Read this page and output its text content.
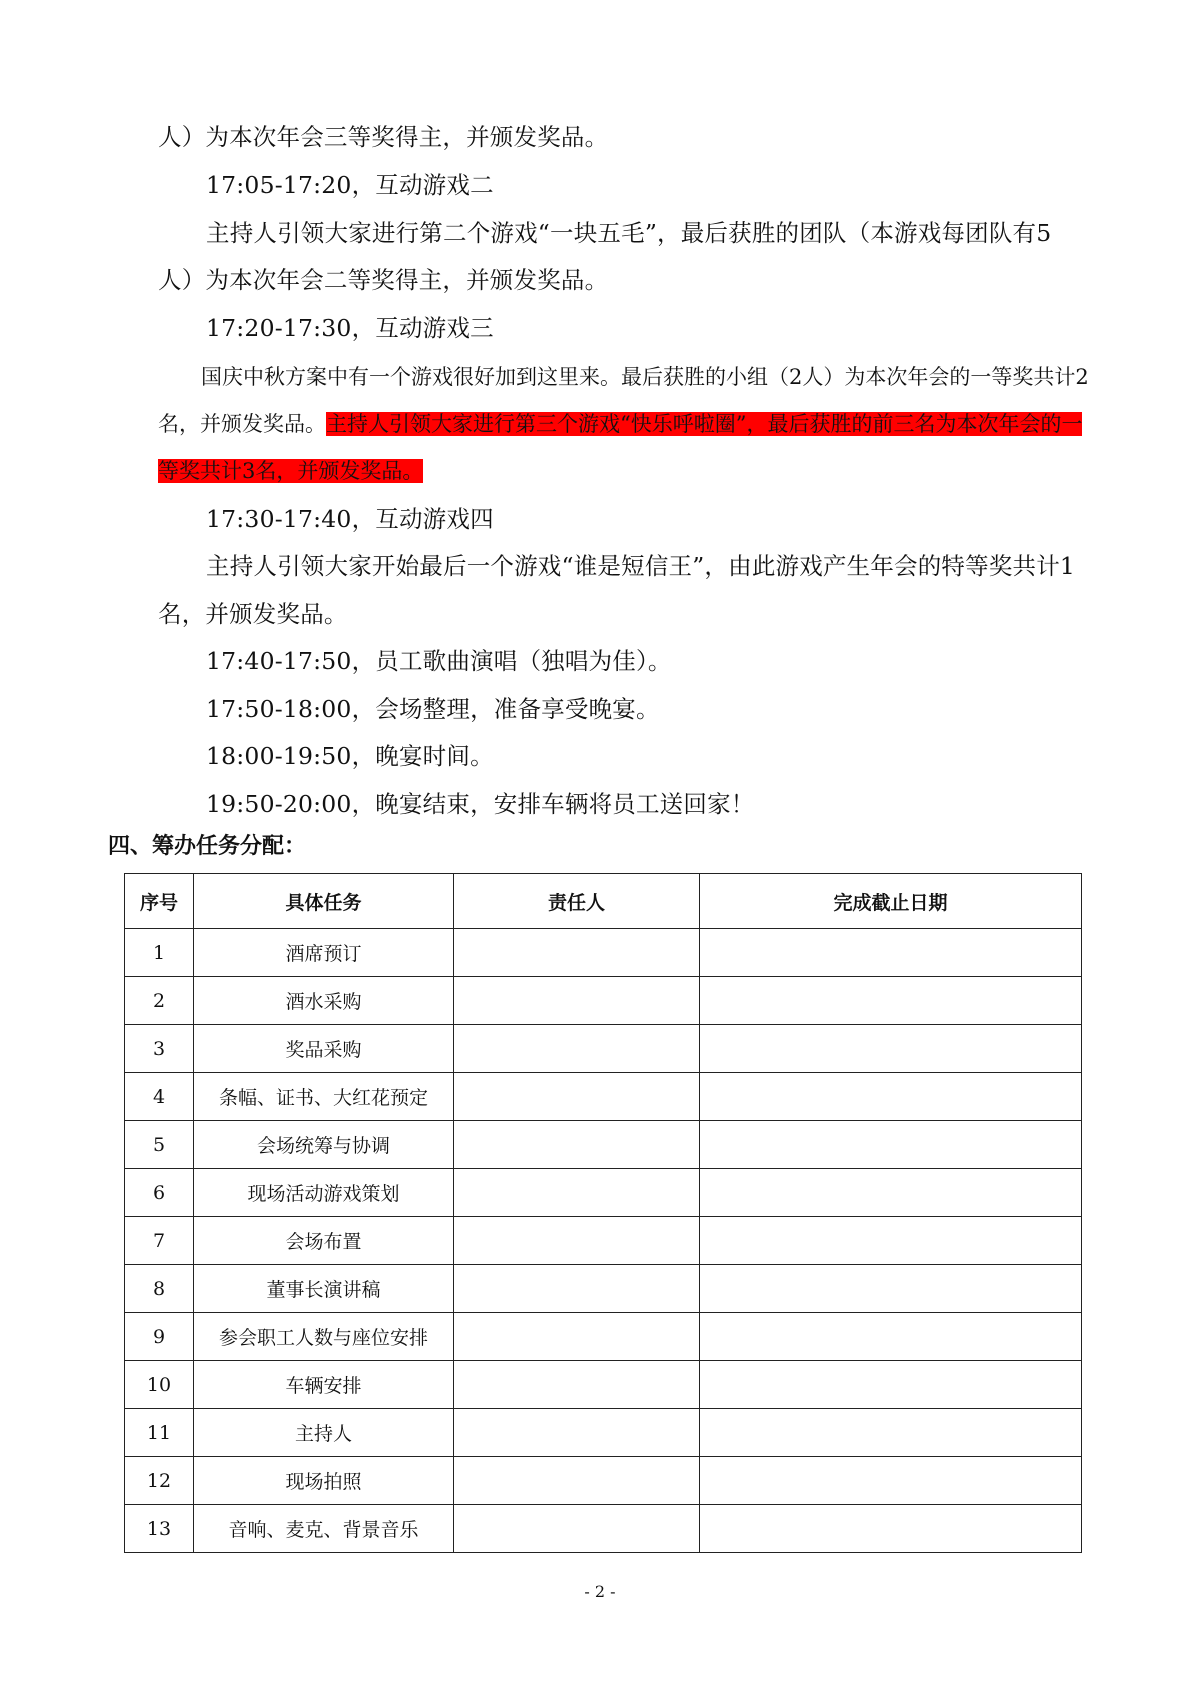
人）为本次年会三等奖得主，并颁发奖品。
17:05-17:20，互动游戏二
主持人引领大家进行第二个游戏“一块五毛”，最后获胜的团队（本游戏每团队有5
人）为本次年会二等奖得主，并颁发奖品。
17:20-17:30，互动游戏三
国庆中秋方案中有一个游戏很好加到这里来。最后获胜的小组（2人）为本次年会的一等奖共计2
名，并颁发奖品。主持人引领大家进行第三个游戏“快乐呼啦圈”，最后获胜的前三名为本次年会的一
等奖共计3名，并颁发奖品。
17:30-17:40，互动游戏四
主持人引领大家开始最后一个游戏“谁是短信王”，由此游戏产生年会的特等奖共计1
名，并颁发奖品。
17:40-17:50，员工歌曲演唱（独唱为佳）。
17:50-18:00，会场整理，准备享受晚宴。
18:00-19:50，晚宴时间。
19:50-20:00，晚宴结束，安排车辆将员工送回家！
四、筹办任务分配：
序号	具体任务	责任人	完成截止日期
1	酒席预订		
2	酒水采购		
3	奖品采购		
4	条幅、证书、大红花预定		
5	会场统筹与协调		
6	现场活动游戏策划		
7	会场布置		
8	董事长演讲稿		
9	参会职工人数与座位安排		
10	车辆安排		
11	主持人		
12	现场拍照		
13	音响、麦克、背景音乐		
- 2 -
